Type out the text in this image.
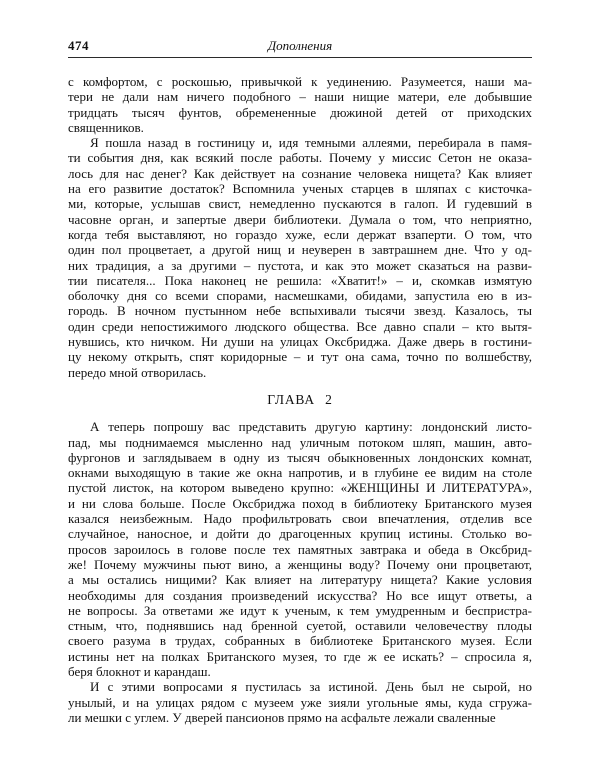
474	Дополнения
с комфортом, с роскошью, привычкой к уединению. Разумеется, наши ма-
тери не дали нам ничего подобного – наши нищие матери, еле добывшие
тридцать тысяч фунтов, обремененные дюжиной детей от приходских
священников.
Я пошла назад в гостиницу и, идя темными аллеями, перебирала в памя-
ти события дня, как всякий после работы. Почему у миссис Сетон не оказа-
лось для нас денег? Как действует на сознание человека нищета? Как влияет
на его развитие достаток? Вспомнила ученых старцев в шляпах с кисточка-
ми, которые, услышав свист, немедленно пускаются в галоп. И гудевший в
часовне орган, и запертые двери библиотеки. Думала о том, что неприятно,
когда тебя выставляют, но гораздо хуже, если держат взаперти. О том, что
один пол процветает, а другой нищ и неуверен в завтрашнем дне. Что у од-
них традиция, а за другими – пустота, и как это может сказаться на разви-
тии писателя... Пока наконец не решила: «Хватит!» – и, скомкав измятую
оболочку дня со всеми спорами, насмешками, обидами, запустила ею в из-
городь. В ночном пустынном небе вспыхивали тысячи звезд. Казалось, ты
один среди непостижимого людского общества. Все давно спали – кто вытя-
нувшись, кто ничком. Ни души на улицах Оксбриджа. Даже дверь в гостини-
цу некому открыть, спят коридорные – и тут она сама, точно по волшебству,
передо мной отворилась.
ГЛАВА 2
А теперь попрошу вас представить другую картину: лондонский листо-
пад, мы поднимаемся мысленно над уличным потоком шляп, машин, авто-
фургонов и заглядываем в одну из тысяч обыкновенных лондонских комнат,
окнами выходящую в такие же окна напротив, и в глубине ее видим на столе
пустой листок, на котором выведено крупно: «ЖЕНЩИНЫ И ЛИТЕРАТУРА»,
и ни слова больше. После Оксбриджа поход в библиотеку Британского музея
казался неизбежным. Надо профильтровать свои впечатления, отделив все
случайное, наносное, и дойти до драгоценных крупиц истины. Столько во-
просов зароилось в голове после тех памятных завтрака и обеда в Оксбрид-
же! Почему мужчины пьют вино, а женщины воду? Почему они процветают,
а мы остались нищими? Как влияет на литературу нищета? Какие условия
необходимы для создания произведений искусства? Но все ищут ответы, а
не вопросы. За ответами же идут к ученым, к тем умудренным и беспристра-
стным, что, поднявшись над бренной суетой, оставили человечеству плоды
своего разума в трудах, собранных в библиотеке Британского музея. Если
истины нет на полках Британского музея, то где ж ее искать? – спросила я,
беря блокнот и карандаш.
И с этими вопросами я пустилась за истиной. День был не сырой, но
унылый, и на улицах рядом с музеем уже зияли угольные ямы, куда сгружа-
ли мешки с углем. У дверей пансионов прямо на асфальте лежали сваленные
